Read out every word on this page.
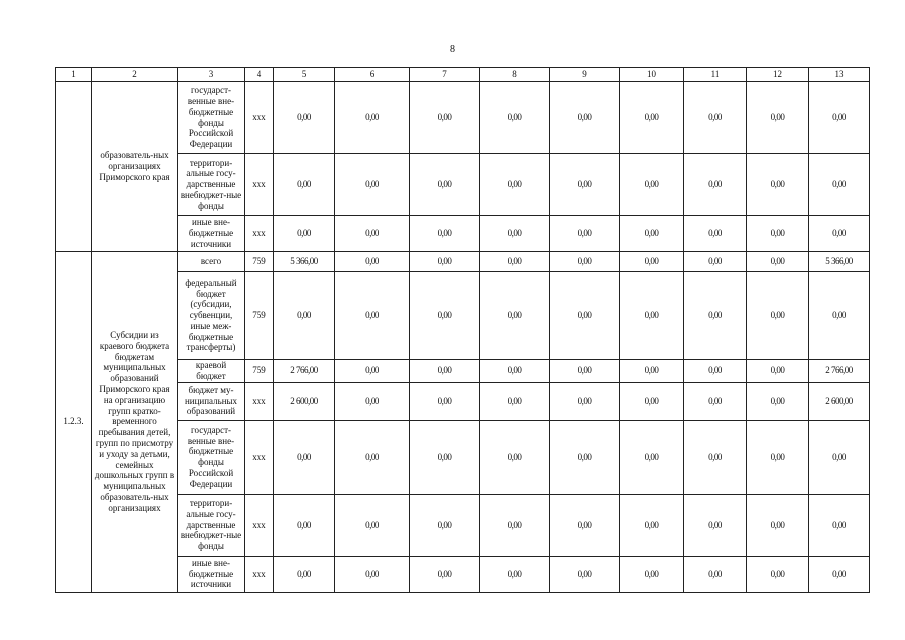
8
1	2	3	4	5	6	7	8	9	10	11	12	13
	образователь-ных организациях Приморского края	государст-венные вне-бюджетные фонды Российской Федерации	ххх	0,00	0,00	0,00	0,00	0,00	0,00	0,00	0,00	0,00
		территори-альные госу-дарственные внебюджет-ные фонды	ххх	0,00	0,00	0,00	0,00	0,00	0,00	0,00	0,00	0,00
		иные вне-бюджетные источники	ххх	0,00	0,00	0,00	0,00	0,00	0,00	0,00	0,00	0,00
1.2.3.	Субсидии из краевого бюджета бюджетам муниципальных образований Приморского края на организацию групп кратко-временного пребывания детей, групп по присмотру и уходу за детьми, семейных дошкольных групп в муниципальных образователь-ных организациях	всего	759	5 366,00	0,00	0,00	0,00	0,00	0,00	0,00	0,00	5 366,00
		федеральный бюджет (субсидии, субвенции, иные меж-бюджетные трансферты)	759	0,00	0,00	0,00	0,00	0,00	0,00	0,00	0,00	0,00
		краевой бюджет	759	2 766,00	0,00	0,00	0,00	0,00	0,00	0,00	0,00	2 766,00
		бюджет му-ниципальных образований	ххх	2 600,00	0,00	0,00	0,00	0,00	0,00	0,00	0,00	2 600,00
		государст-венные вне-бюджетные фонды Российской Федерации	ххх	0,00	0,00	0,00	0,00	0,00	0,00	0,00	0,00	0,00
		территори-альные госу-дарственные внебюджет-ные фонды	ххх	0,00	0,00	0,00	0,00	0,00	0,00	0,00	0,00	0,00
		иные вне-бюджетные источники	ххх	0,00	0,00	0,00	0,00	0,00	0,00	0,00	0,00	0,00
